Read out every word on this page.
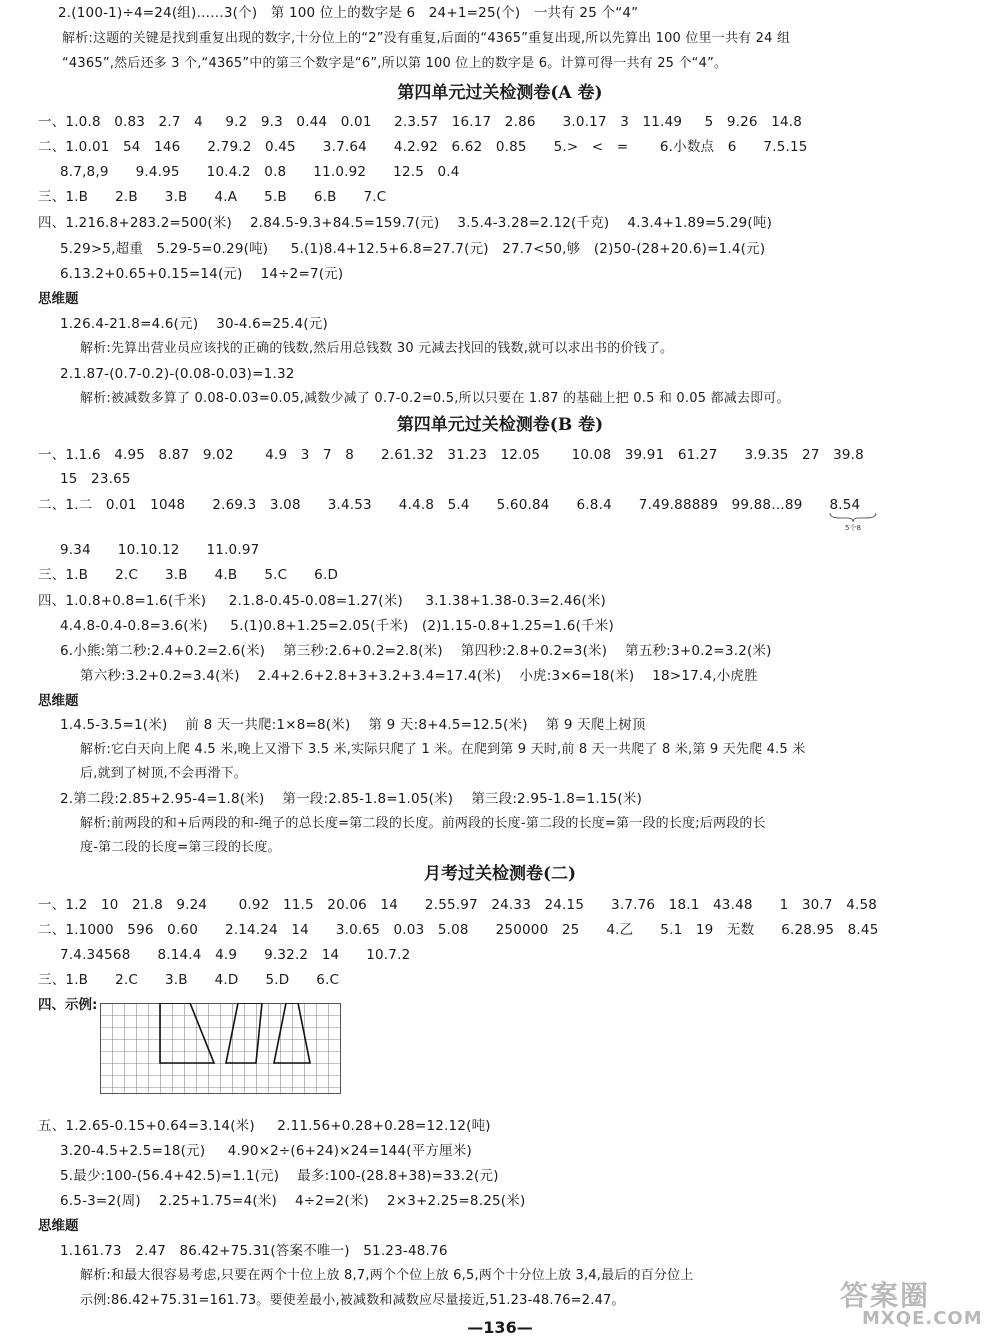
2.(100-1)÷4=24(组)……3(个)   第 100 位上的数字是 6   24+1=25(个)   一共有 25 个“4”
解析:这题的关键是找到重复出现的数字,十分位上的“2”没有重复,后面的“4365”重复出现,所以先算出 100 位里一共有 24 组
“4365”,然后还多 3 个,“4365”中的第三个数字是“6”,所以第 100 位上的数字是 6。计算可得一共有 25 个“4”。
一、1.0.8   0.83   2.7   4     9.2   9.3   0.44   0.01     2.3.57   16.17   2.86      3.0.17   3   11.49     5   9.26   14.8
二、1.0.01   54   146      2.79.2   0.45      3.7.64      4.2.92   6.62   0.85      5.>   <   =       6.小数点   6      7.5.15
8.7,8,9      9.4.95      10.4.2   0.8      11.0.92      12.5   0.4
三、1.B      2.B      3.B      4.A      5.B      6.B      7.C
四、1.216.8+283.2=500(米)    2.84.5-9.3+84.5=159.7(元)    3.5.4-3.28=2.12(千克)    4.3.4+1.89=5.29(吨)
5.29>5,超重   5.29-5=0.29(吨)     5.(1)8.4+12.5+6.8=27.7(元)   27.7<50,够   (2)50-(28+20.6)=1.4(元)
6.13.2+0.65+0.15=14(元)    14÷2=7(元)
1.26.4-21.8=4.6(元)    30-4.6=25.4(元)
解析:先算出营业员应该找的正确的钱数,然后用总钱数 30 元减去找回的钱数,就可以求出书的价钱了。
2.1.87-(0.7-0.2)-(0.08-0.03)=1.32
解析:被减数多算了 0.08-0.03=0.05,减数少减了 0.7-0.2=0.5,所以只要在 1.87 的基础上把 0.5 和 0.05 都减去即可。
一、1.1.6   4.95   8.87   9.02       4.9   3   7   8      2.61.32   31.23   12.05       10.08   39.91   61.27      3.9.35   27   39.8
15   23.65
二、1.二   0.01   1048      2.69.3   3.08      3.4.53      4.4.8   5.4      5.60.84      6.8.4      7.49.88889   99.88…89      8.54
9.34      10.10.12      11.0.97
三、1.B      2.C      3.B      4.B      5.C      6.D
四、1.0.8+0.8=1.6(千米)     2.1.8-0.45-0.08=1.27(米)     3.1.38+1.38-0.3=2.46(米)
4.4.8-0.4-0.8=3.6(米)     5.(1)0.8+1.25=2.05(千米)   (2)1.15-0.8+1.25=1.6(千米)
6.小熊:第二秒:2.4+0.2=2.6(米)    第三秒:2.6+0.2=2.8(米)    第四秒:2.8+0.2=3(米)    第五秒:3+0.2=3.2(米)
第六秒:3.2+0.2=3.4(米)    2.4+2.6+2.8+3+3.2+3.4=17.4(米)    小虎:3×6=18(米)    18>17.4,小虎胜
1.4.5-3.5=1(米)    前 8 天一共爬:1×8=8(米)    第 9 天:8+4.5=12.5(米)    第 9 天爬上树顶
解析:它白天向上爬 4.5 米,晚上又滑下 3.5 米,实际只爬了 1 米。在爬到第 9 天时,前 8 天一共爬了 8 米,第 9 天先爬 4.5 米
后,就到了树顶,不会再滑下。
2.第二段:2.85+2.95-4=1.8(米)    第一段:2.85-1.8=1.05(米)    第三段:2.95-1.8=1.15(米)
解析:前两段的和+后两段的和-绳子的总长度=第二段的长度。前两段的长度-第二段的长度=第一段的长度;后两段的长
度-第二段的长度=第三段的长度。
一、1.2   10   21.8   9.24       0.92   11.5   20.06   14      2.55.97   24.33   24.15      3.7.76   18.1   43.48      1   30.7   4.58
二、1.1000   596   0.60      2.14.24   14      3.0.65   0.03   5.08      250000   25      4.乙      5.1   19   无数      6.28.95   8.45
7.4.34568      8.14.4   4.9      9.32.2   14      10.7.2
三、1.B      2.C      3.B      4.D      5.D      6.C
五、1.2.65-0.15+0.64=3.14(米)     2.11.56+0.28+0.28=12.12(吨)
3.20-4.5+2.5=18(元)     4.90×2÷(6+24)×24=144(平方厘米)
5.最少:100-(56.4+42.5)=1.1(元)    最多:100-(28.8+38)=33.2(元)
6.5-3=2(周)    2.25+1.75=4(米)    4÷2=2(米)    2×3+2.25=8.25(米)
1.161.73   2.47   86.42+75.31(答案不唯一)   51.23-48.76
解析:和最大很容易考虑,只要在两个十位上放 8,7,两个个位上放 6,5,两个十分位上放 3,4,最后的百分位上
示例:86.42+75.31=161.73。要使差最小,被减数和减数应尽量接近,51.23-48.76=2.47。
第四单元过关检测卷(A 卷)
第四单元过关检测卷(B 卷)
月考过关检测卷(二)
思维题
思维题
思维题
四、示例:
5个8
—136—
答案圈
MXQE.COM
